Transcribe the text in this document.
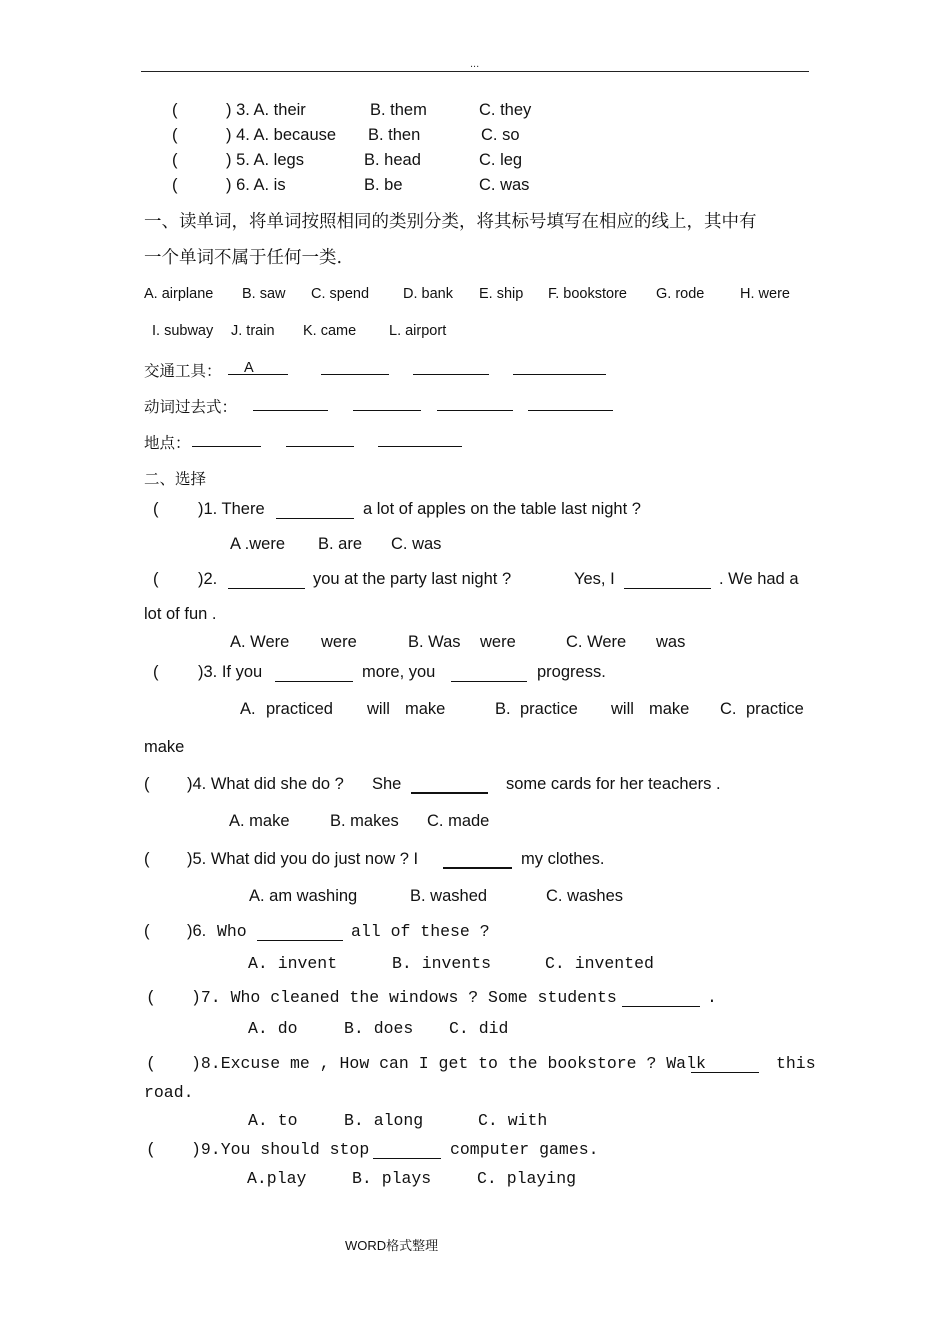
...
(	) 3. A. their	B. them	C. they
(	) 4. A. because B. then	C. so
(	) 5. A. legs	B. head	C. leg
(	) 6. A. is	B. be	C. was
一、读单词，将单词按照相同的类别分类，将其标号填写在相应的线上，其中有
一个单词不属于任何一类.
A. airplane B. saw C. spend D. bank E. ship F. bookstore G. rode H. were
I. subway J. train K. came L. airport
交通工具： A
动词过去式：
地点：
二、选择
( )1. There	a lot of apples on the table last night ?
A .were B. are C. was
( )2.	you at the party last night ?	Yes, I	. We had a
lot of fun .
A. Were were	B. Was were	C. Were was
( )3. If you	more, you	progress.
A. practiced will make	B. practice will make C. practice
make
( )4. What did she do ? She	some cards for her teachers .
A. make B. makes C. made
( )5. What did you do just now ? I	my clothes.
A. am washing	B. washed	C. washes
( )6. Who	all of these ?
A. invent	B. invents	C. invented
( )7. Who cleaned the windows ? Some students	.
A. do	B. does C. did
( )8.Excuse me , How can I get to the bookstore ? Walk	this
road.
A. to	B. along	C. with
( )9.You should stop	computer games.
A.play	B. plays	C. playing
WORD格式整理
